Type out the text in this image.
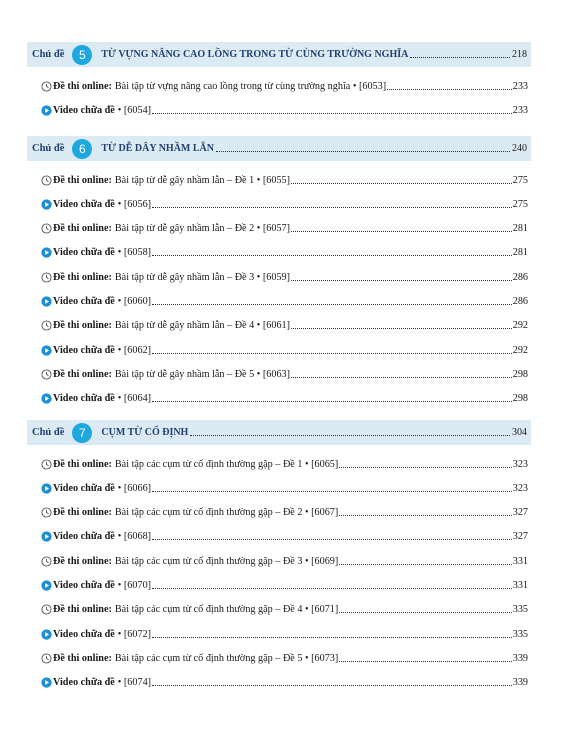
Chủ đề	5	TỪ VỰNG NÂNG CAO LỒNG TRONG TỪ CÙNG TRƯỜNG NGHĨA	218
Đề thi online: Bài tập từ vựng nâng cao lồng trong từ cùng trường nghĩa • [6053]	233
Video chữa đề • [6054]	233
Chủ đề	6	TỪ DỄ DÂY NHẦM LẪN	240
Đề thi online: Bài tập từ dễ gây nhầm lẫn – Đề 1 • [6055]	275
Video chữa đề • [6056]	275
Đề thi online: Bài tập từ dễ gây nhầm lẫn – Đề 2 • [6057]	281
Video chữa đề • [6058]	281
Đề thi online: Bài tập từ dễ gây nhầm lẫn – Đề 3 • [6059]	286
Video chữa đề • [6060]	286
Đề thi online: Bài tập từ dễ gây nhầm lẫn – Đề 4 • [6061]	292
Video chữa đề • [6062]	292
Đề thi online: Bài tập từ dễ gây nhầm lẫn – Đề 5 • [6063]	298
Video chữa đề • [6064]	298
Chủ đề	7	CỤM TỪ CỐ ĐỊNH	304
Đề thi online: Bài tập các cụm từ cố định thường gặp – Đề 1 • [6065]	323
Video chữa đề • [6066]	323
Đề thi online: Bài tập các cụm từ cố định thường gặp – Đề 2 • [6067]	327
Video chữa đề • [6068]	327
Đề thi online: Bài tập các cụm từ cố định thường gặp – Đề 3 • [6069]	331
Video chữa đề • [6070]	331
Đề thi online: Bài tập các cụm từ cố định thường gặp – Đề 4 • [6071]	335
Video chữa đề • [6072]	335
Đề thi online: Bài tập các cụm từ cố định thường gặp – Đề 5 • [6073]	339
Video chữa đề • [6074]	339
